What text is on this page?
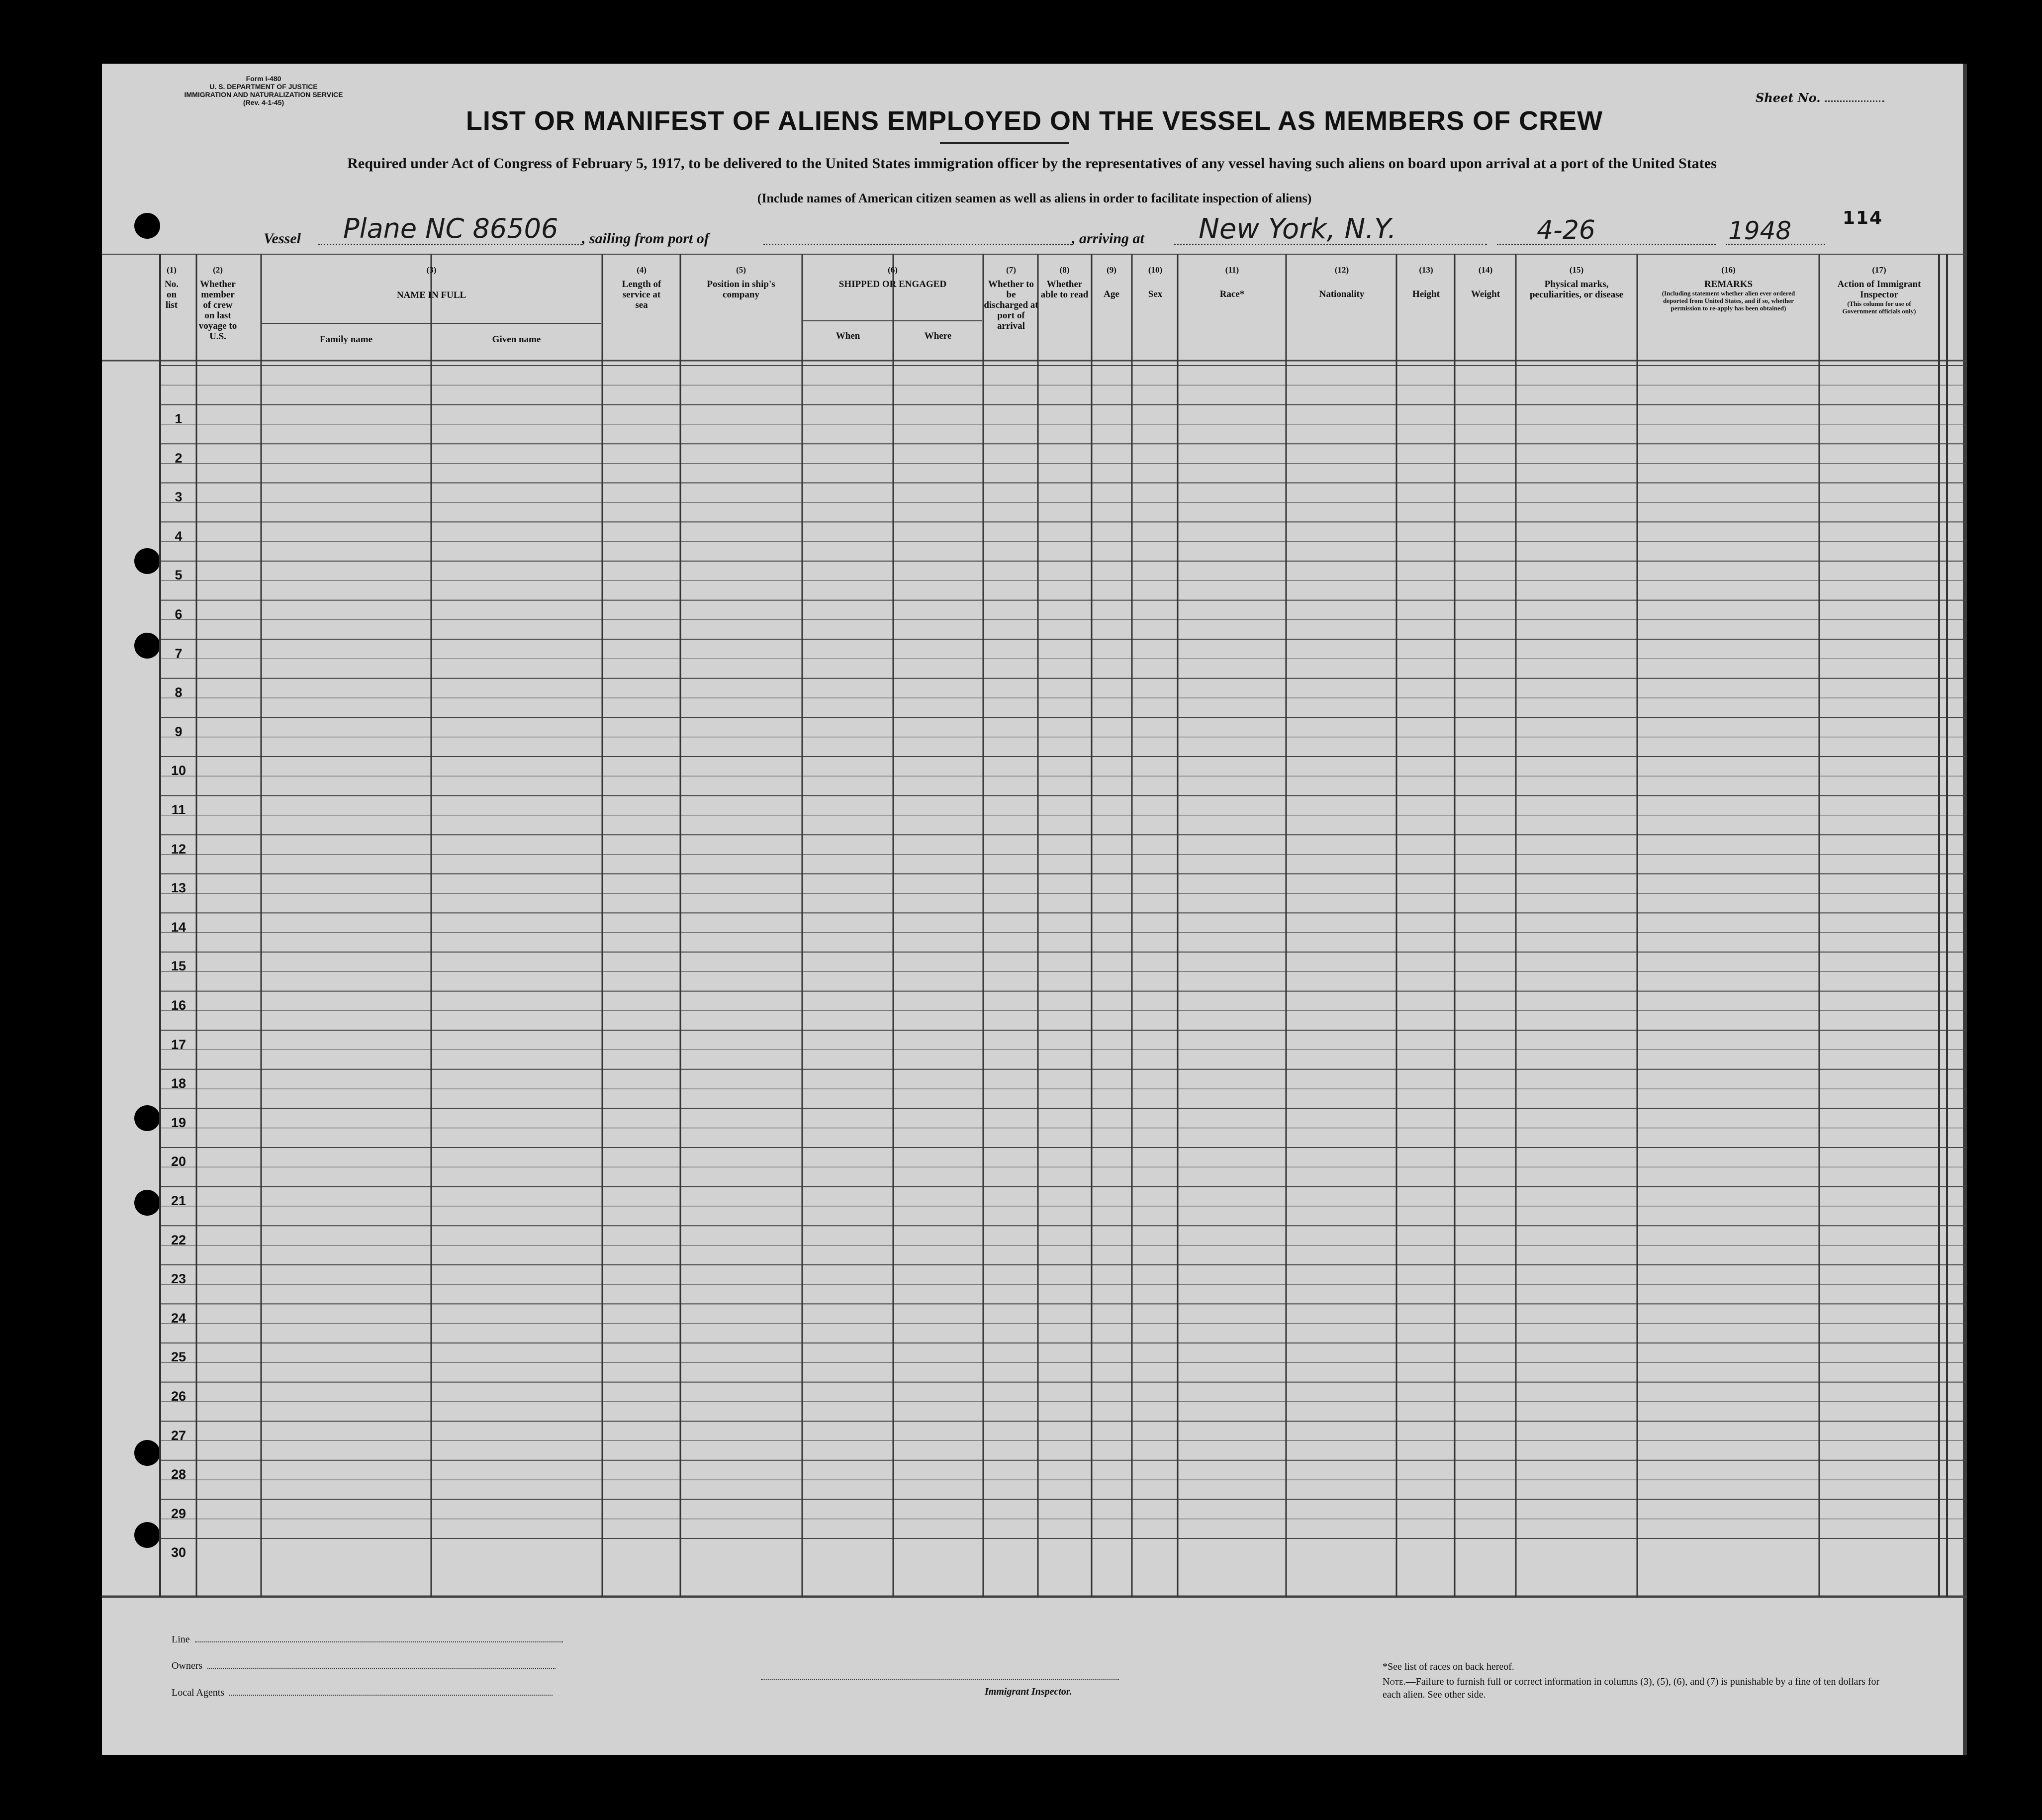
Form I-480
U. S. DEPARTMENT OF JUSTICE
IMMIGRATION AND NATURALIZATION SERVICE
(Rev. 4-1-45)	Sheet No.
LIST OR MANIFEST OF ALIENS EMPLOYED ON THE VESSEL AS MEMBERS OF CREW
Required under Act of Congress of February 5, 1917, to be delivered to the United States immigration officer by the representatives of any vessel having such aliens on board upon arrival at a port of the United States
(Include names of American citizen seamen as well as aliens in order to facilitate inspection of aliens)
Vessel Plane NC 86506 , sailing from port of	, arriving at New York, N.Y.	4-26	1948	114
(1)
No. on list
(2)
Whether member of crew on last voyage to U.S.
(3)
NAME IN FULL
Family name	Given name
(4)
Length of service at sea
(5)
Position in ship's company
(6)
SHIPPED OR ENGAGED
When	Where
(7)
Whether to be discharged at port of arrival
(8)
Whether able to read
(9)
Age
(10)
Sex
(11)
Race*
(12)
Nationality
(13)
Height
(14)
Weight
(15)
Physical marks, peculiarities, or disease
(16)
REMARKS
(Including statement whether alien ever ordered deported from United States, and if so, whether permission to re-apply has been obtained)
(17)
Action of Immigrant Inspector
(This column for use of Government officials only)
1
2
3
4
5
6
7
8
9
10
11
12
13
14
15
16
17
18
19
20
21
22
23
24
25
26
27
28
29
30
Line
Owners
Local Agents	Immigrant Inspector.
*See list of races on back hereof.
Note.—Failure to furnish full or correct information in columns (3), (5), (6), and (7) is punishable by a fine of ten dollars for each alien. See other side.
